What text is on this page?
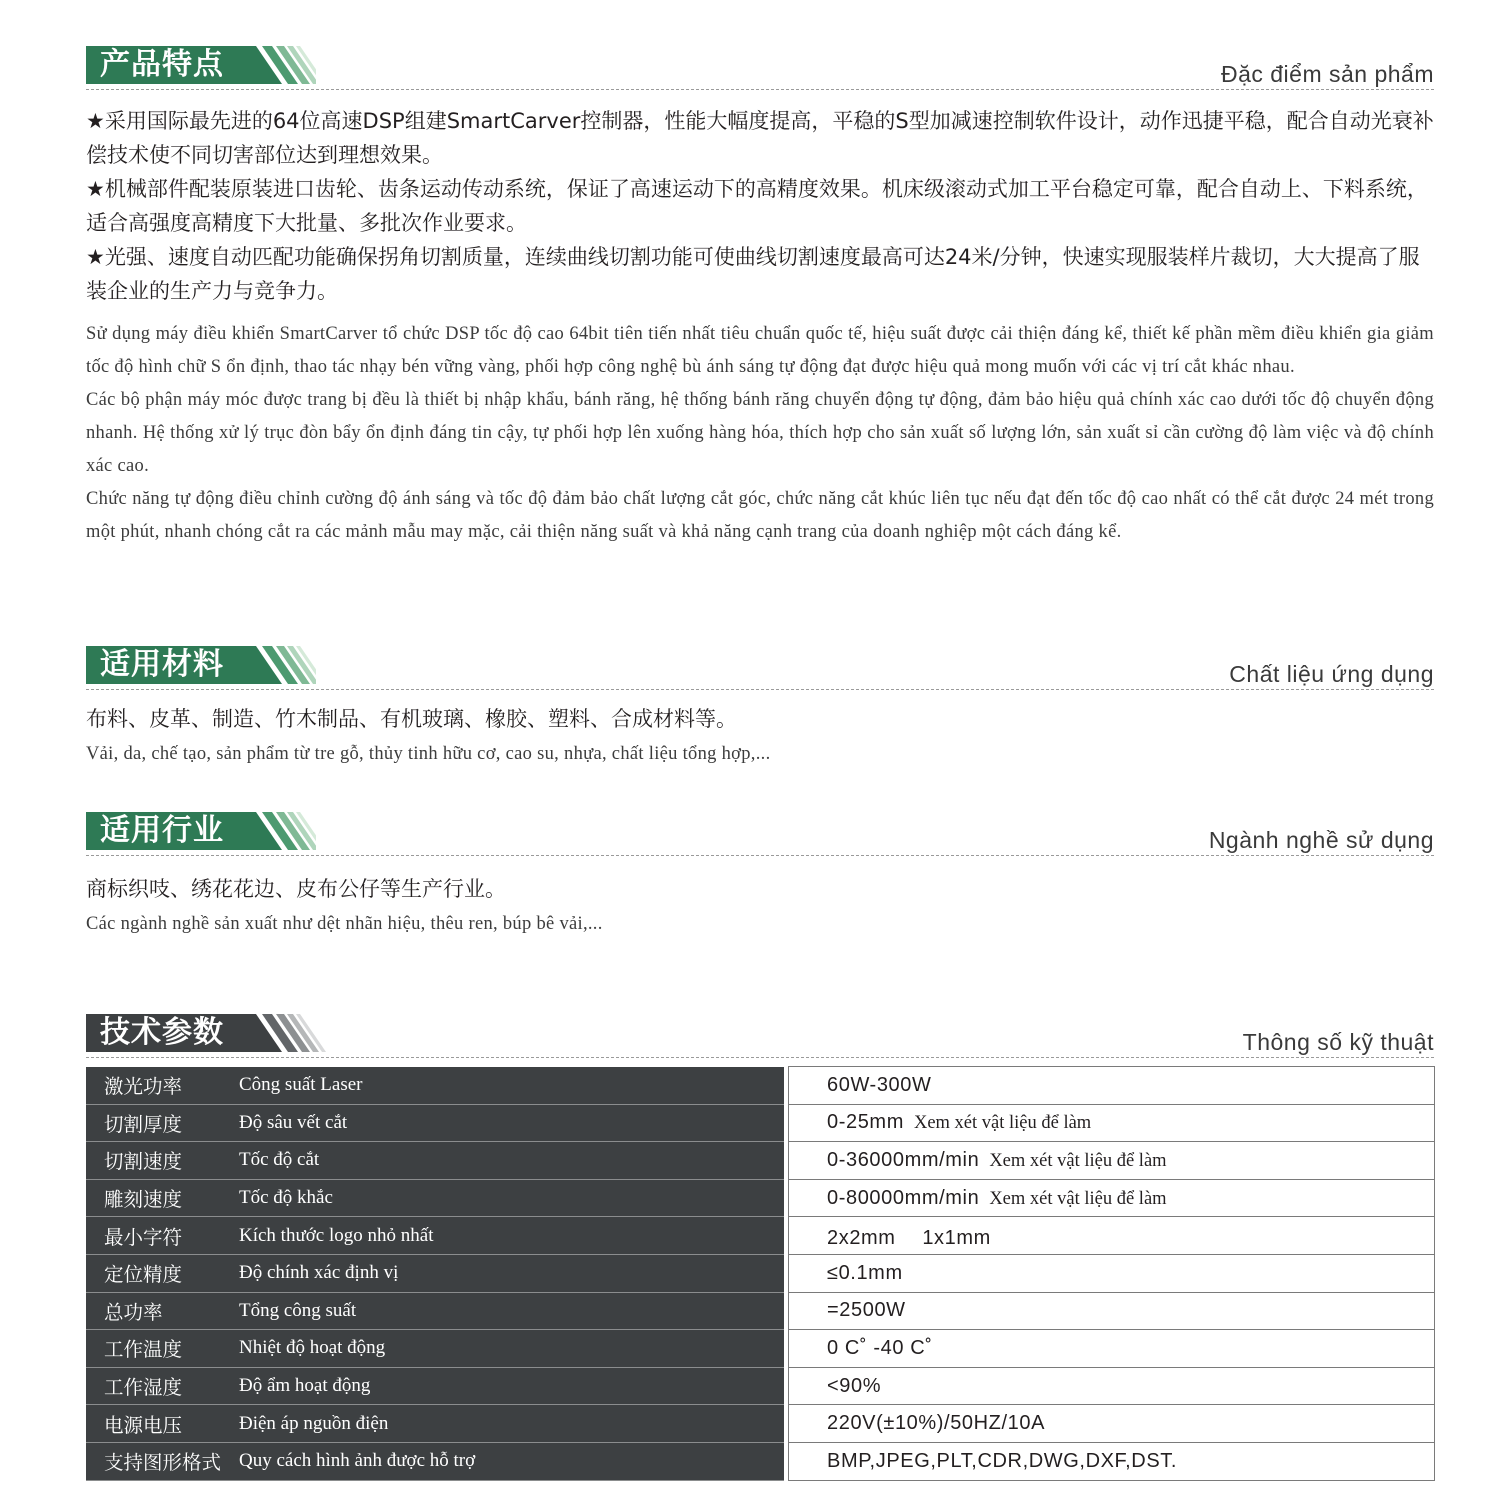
产品特点	Đặc điểm sản phẩm

★采用国际最先进的64位高速DSP组建SmartCarver控制器，性能大幅度提高，平稳的S型加减速控制软件设计，动作迅捷平稳，配合自动光衰补偿技术使不同切害部位达到理想效果。

★机械部件配装原装进口齿轮、齿条运动传动系统，保证了高速运动下的高精度效果。机床级滚动式加工平台稳定可靠，配合自动上、下料系统，适合高强度高精度下大批量、多批次作业要求。

★光强、速度自动匹配功能确保拐角切割质量，连续曲线切割功能可使曲线切割速度最高可达24米/分钟，快速实现服装样片裁切，大大提高了服装企业的生产力与竞争力。

Sử dụng máy điều khiển SmartCarver tổ chức DSP tốc độ cao 64bit tiên tiến nhất tiêu chuẩn quốc tế, hiệu suất được cải thiện đáng kể, thiết kế phần mềm điều khiển gia giảm tốc độ hình chữ S ổn định, thao tác nhạy bén vững vàng, phối hợp công nghệ bù ánh sáng tự động đạt được hiệu quả mong muốn với các vị trí cắt khác nhau.

Các bộ phận máy móc được trang bị đều là thiết bị nhập khẩu, bánh răng, hệ thống bánh răng chuyển động tự động, đảm bảo hiệu quả chính xác cao dưới tốc độ chuyển động nhanh. Hệ thống xử lý trục đòn bẩy ổn định đáng tin cậy, tự phối hợp lên xuống hàng hóa, thích hợp cho sản xuất số lượng lớn, sản xuất sỉ cần cường độ làm việc và độ chính xác cao.

Chức năng tự động điều chỉnh cường độ ánh sáng và tốc độ đảm bảo chất lượng cắt góc, chức năng cắt khúc liên tục nếu đạt đến tốc độ cao nhất có thể cắt được 24 mét trong một phút, nhanh chóng cắt ra các mảnh mẫu may mặc, cải thiện năng suất và khả năng cạnh trang của doanh nghiệp một cách đáng kể.

适用材料	Chất liệu ứng dụng

布料、皮革、制造、竹木制品、有机玻璃、橡胶、塑料、合成材料等。

Vải, da, chế tạo, sản phẩm từ tre gỗ, thủy tinh hữu cơ, cao su, nhựa, chất liệu tổng hợp,...

适用行业	Ngành nghề sử dụng

商标织吱、绣花花边、皮布公仔等生产行业。

Các ngành nghề sản xuất như dệt nhãn hiệu, thêu ren, búp bê vải,...

技术参数	Thông số kỹ thuật
激光功率	Công suất Laser		60W-300W
切割厚度	Độ sâu vết cắt		0-25mm Xem xét vật liệu để làm
切割速度	Tốc độ cắt		0-36000mm/min Xem xét vật liệu để làm
雕刻速度	Tốc độ khắc		0-80000mm/min Xem xét vật liệu để làm
最小字符	Kích thước logo nhỏ nhất		2x2mm　 1x1mm
定位精度	Độ chính xác định vị		≤0.1mm
总功率	Tổng công suất		=2500W
工作温度	Nhiệt độ hoạt động		0 C˚ -40 C˚
工作湿度	Độ ẩm hoạt động		<90%
电源电压	Điện áp nguồn điện		220V(±10%)/50HZ/10A
支持图形格式	Quy cách hình ảnh được hỗ trợ		BMP,JPEG,PLT,CDR,DWG,DXF,DST.
